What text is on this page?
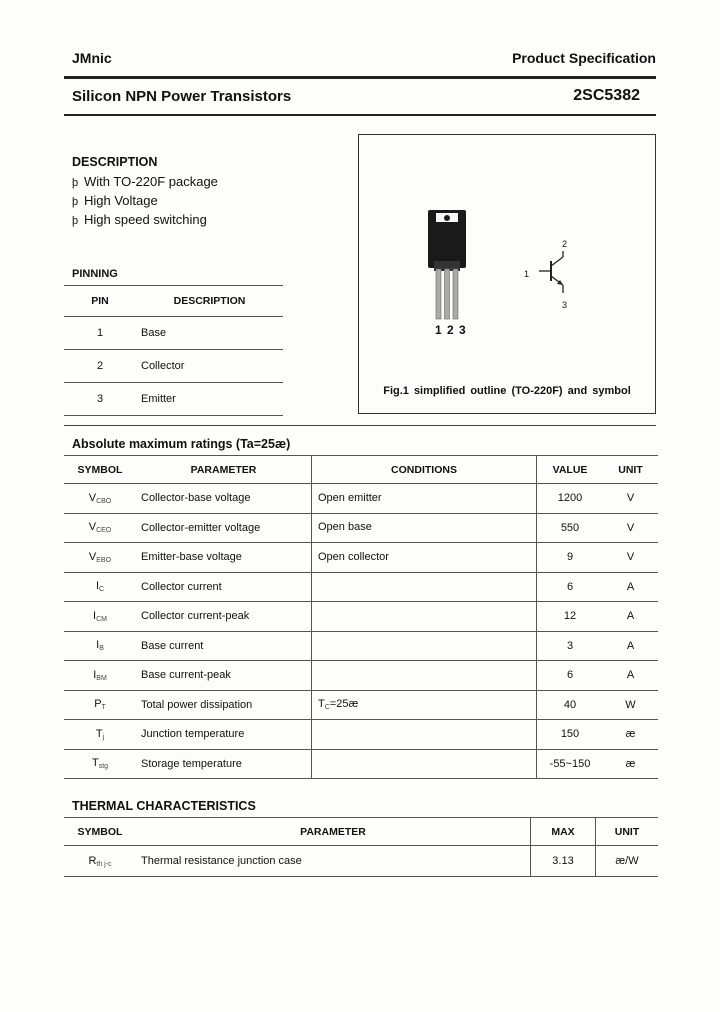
JMnic	Product Specification
Silicon NPN Power Transistors	2SC5382
DESCRIPTION
þ With TO-220F package
þ High Voltage
þ High speed switching
PINNING
PIN	DESCRIPTION
1	Base
2	Collector
3	Emitter
1 2 3
2
1
3
Fig.1 simplified outline (TO-220F) and symbol
Absolute maximum ratings (Ta=25æ)
SYMBOL	PARAMETER	CONDITIONS	VALUE	UNIT
$V_{CBO}$	Collector-base voltage	Open emitter	1200	V
$V_{CEO}$	Collector-emitter voltage	Open base	550	V
$V_{EBO}$	Emitter-base voltage	Open collector	9	V
$I_C$	Collector current		6	A
$I_{CM}$	Collector current-peak		12	A
$I_B$	Base current		3	A
$I_{BM}$	Base current-peak		6	A
$P_T$	Total power dissipation	$T_C=25æ$	40	W
$T_j$	Junction temperature		150	æ
$T_{stg}$	Storage temperature		-55~150	æ
THERMAL CHARACTERISTICS
SYMBOL	PARAMETER	MAX	UNIT
$R_{th j-c}$	Thermal resistance junction case	3.13	æ/W
